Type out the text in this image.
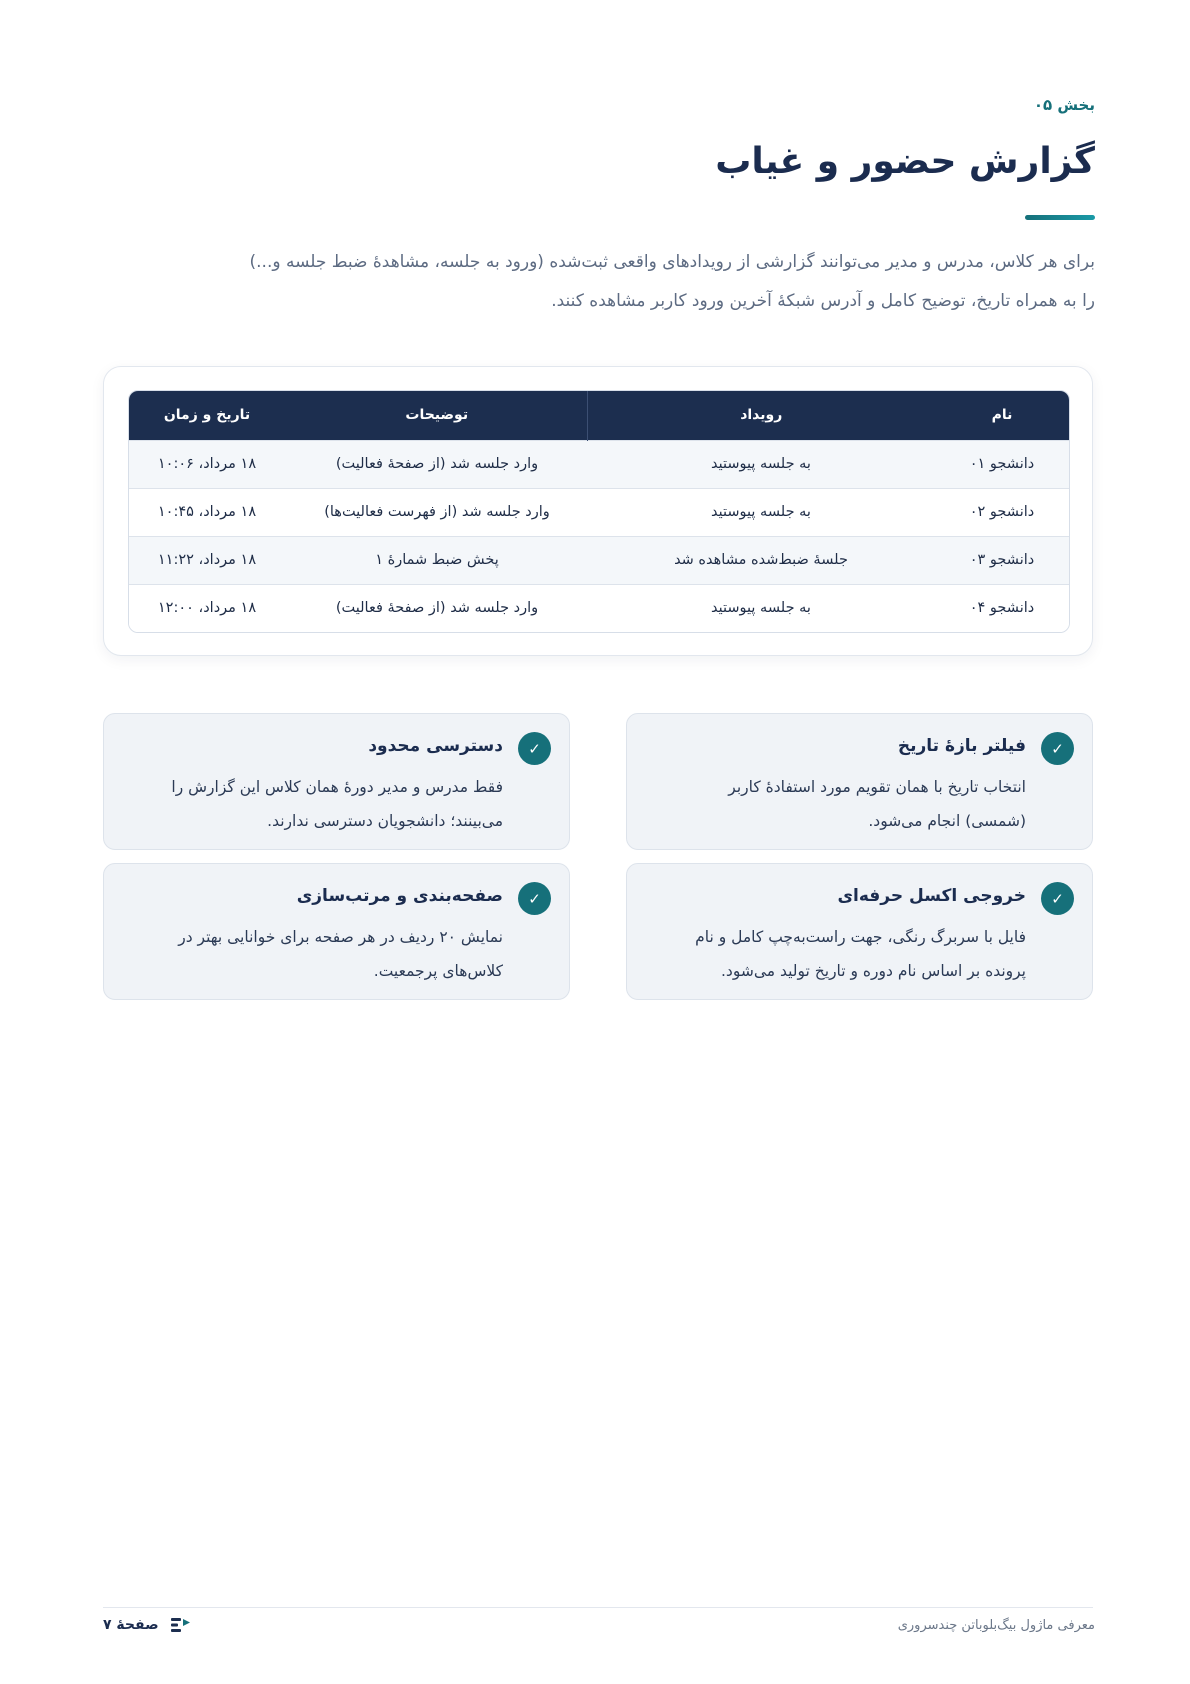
بخش ۰۵
گزارش حضور و غیاب
برای هر کلاس، مدرس و مدیر می‌توانند گزارشی از رویدادهای واقعی ثبت‌شده (ورود به جلسه، مشاهدهٔ ضبط جلسه و...)
را به همراه تاریخ، توضیح کامل و آدرس شبکهٔ آخرین ورود کاربر مشاهده کنند.
نام	رویداد	توضیحات	تاریخ و زمان
دانشجو ۰۱	به جلسه پیوستید	وارد جلسه شد (از صفحهٔ فعالیت)	۱۸ مرداد، ۱۰:۰۶
دانشجو ۰۲	به جلسه پیوستید	وارد جلسه شد (از فهرست فعالیت‌ها)	۱۸ مرداد، ۱۰:۴۵
دانشجو ۰۳	جلسهٔ ضبط‌شده مشاهده شد	پخش ضبط شمارهٔ ۱	۱۸ مرداد، ۱۱:۲۲
دانشجو ۰۴	به جلسه پیوستید	وارد جلسه شد (از صفحهٔ فعالیت)	۱۸ مرداد، ۱۲:۰۰
✓
فیلتر بازهٔ تاریخ
انتخاب تاریخ با همان تقویم مورد استفادهٔ کاربر
(شمسی) انجام می‌شود.
✓
دسترسی محدود
فقط مدرس و مدیر دورهٔ همان کلاس این گزارش را
می‌بینند؛ دانشجویان دسترسی ندارند.
✓
خروجی اکسل حرفه‌ای
فایل با سربرگ رنگی، جهت راست‌به‌چپ کامل و نام
پرونده بر اساس نام دوره و تاریخ تولید می‌شود.
✓
صفحه‌بندی و مرتب‌سازی
نمایش ۲۰ ردیف در هر صفحه برای خوانایی بهتر در
کلاس‌های پرجمعیت.
معرفی ماژول بیگ‌بلوباتن چندسروری
صفحهٔ ۷
